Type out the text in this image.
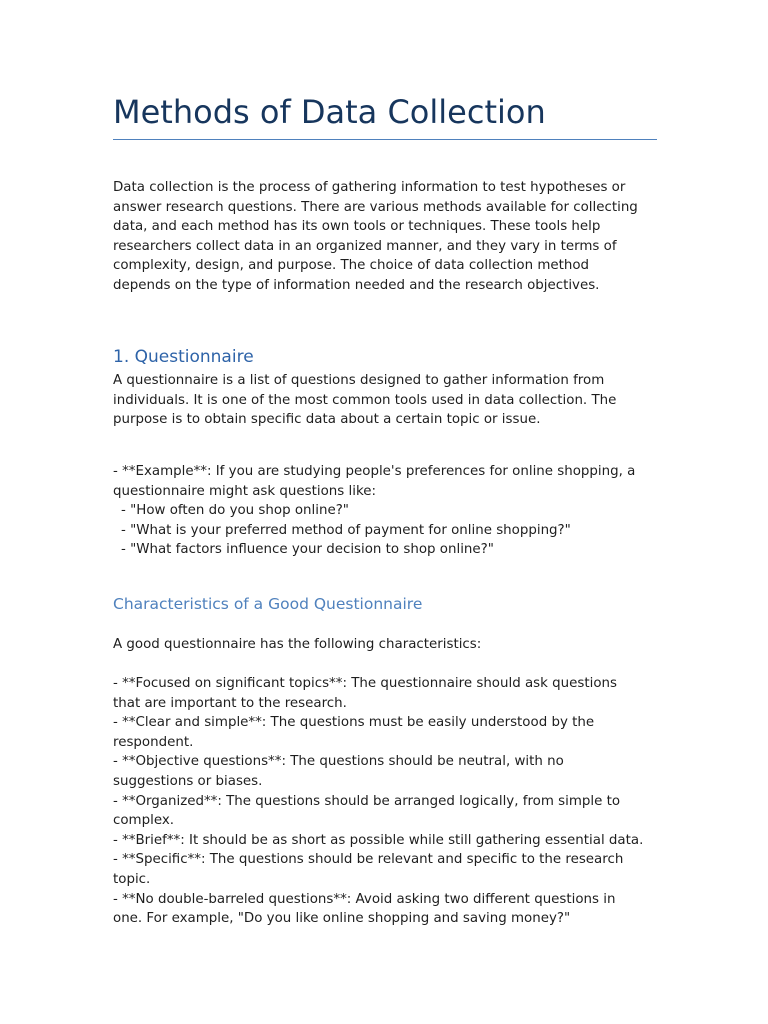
Methods of Data Collection
Data collection is the process of gathering information to test hypotheses or
answer research questions. There are various methods available for collecting
data, and each method has its own tools or techniques. These tools help
researchers collect data in an organized manner, and they vary in terms of
complexity, design, and purpose. The choice of data collection method
depends on the type of information needed and the research objectives.
1. Questionnaire
A questionnaire is a list of questions designed to gather information from
individuals. It is one of the most common tools used in data collection. The
purpose is to obtain specific data about a certain topic or issue.
- **Example**: If you are studying people's preferences for online shopping, a
questionnaire might ask questions like:
- "How often do you shop online?"
- "What is your preferred method of payment for online shopping?"
- "What factors influence your decision to shop online?"
Characteristics of a Good Questionnaire
A good questionnaire has the following characteristics:
- **Focused on significant topics**: The questionnaire should ask questions
that are important to the research.
- **Clear and simple**: The questions must be easily understood by the
respondent.
- **Objective questions**: The questions should be neutral, with no
suggestions or biases.
- **Organized**: The questions should be arranged logically, from simple to
complex.
- **Brief**: It should be as short as possible while still gathering essential data.
- **Specific**: The questions should be relevant and specific to the research
topic.
- **No double-barreled questions**: Avoid asking two different questions in
one. For example, "Do you like online shopping and saving money?"
